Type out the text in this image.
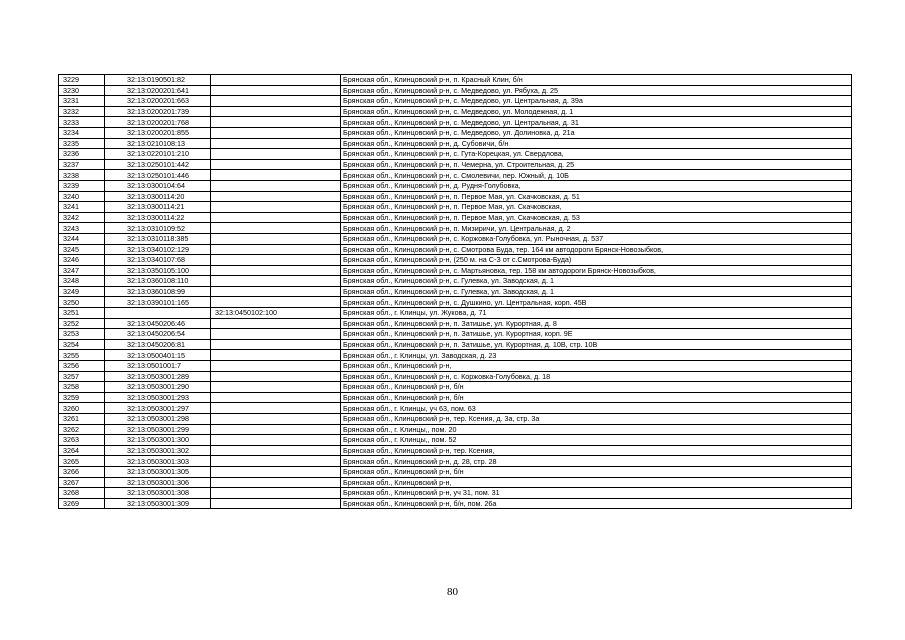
3229	32:13:0190501:82		Брянская обл., Клинцовский р-н, п. Красный Клин, б/н
3230	32:13:0200201:641		Брянская обл., Клинцовский р-н, с. Медведово, ул. Рябуха, д. 25
3231	32:13:0200201:663		Брянская обл., Клинцовский р-н, с. Медведово, ул. Центральная, д. 39а
3232	32:13:0200201:739		Брянская обл., Клинцовский р-н, с. Медведово, ул. Молодежная, д. 1
3233	32:13:0200201:768		Брянская обл., Клинцовский р-н, с. Медведово, ул. Центральная, д. 31
3234	32:13:0200201:855		Брянская обл., Клинцовский р-н, с. Медведово, ул. Долиновка, д. 21а
3235	32:13:0210108:13		Брянская обл., Клинцовский р-н, д. Субовичи, б/н
3236	32:13:0220101:210		Брянская обл., Клинцовский р-н, с. Гута-Корецкая, ул. Свердлова,
3237	32:13:0250101:442		Брянская обл., Клинцовский р-н, п. Чемерна, ул. Строительная, д. 25
3238	32:13:0250101:446		Брянская обл., Клинцовский р-н, с. Смолевичи, пер. Южный, д. 10Б
3239	32:13:0300104:64		Брянская обл., Клинцовский р-н, д. Рудня-Голубовка,
3240	32:13:0300114:20		Брянская обл., Клинцовский р-н, п. Первое Мая, ул. Скачковская, д. 51
3241	32:13:0300114:21		Брянская обл., Клинцовский р-н, п. Первое Мая, ул. Скачковская,
3242	32:13:0300114:22		Брянская обл., Клинцовский р-н, п. Первое Мая, ул. Скачковская, д. 53
3243	32:13:0310109:52		Брянская обл., Клинцовский р-н, п. Мизиричи, ул. Центральная, д. 2
3244	32:13:0310118:385		Брянская обл., Клинцовский р-н, с. Коржовка-Голубовка, ул. Рыночная, д. 537
3245	32:13:0340102:129		Брянская обл., Клинцовский р-н, с. Смотрова Буда, тер. 164 км автодороги Брянск-Новозыбков,
3246	32:13:0340107:68		Брянская обл., Клинцовский р-н, (250 м. на С-З от с.Смотрова-Буда)
3247	32:13:0350105:100		Брянская обл., Клинцовский р-н, с. Мартьяновка, тер. 158 км автодороги Брянск-Новозыбков,
3248	32:13:0360108:110		Брянская обл., Клинцовский р-н, с. Гулевка, ул. Заводская, д. 1
3249	32:13:0360108:99		Брянская обл., Клинцовский р-н, с. Гулевка, ул. Заводская, д. 1
3250	32:13:0390101:165		Брянская обл., Клинцовский р-н, с. Душкино, ул. Центральная, корп. 45В
3251		32:13:0450102:100	Брянская обл., г. Клинцы, ул. Жукова, д. 71
3252	32:13:0450206:46		Брянская обл., Клинцовский р-н, п. Затишье, ул. Курортная, д. 8
3253	32:13:0450206:54		Брянская обл., Клинцовский р-н, п. Затишье, ул. Курортная, корп. 9Е
3254	32:13:0450206:81		Брянская обл., Клинцовский р-н, п. Затишье, ул. Курортная, д. 10В, стр. 10В
3255	32:13:0500401:15		Брянская обл., г. Клинцы, ул. Заводская, д. 23
3256	32:13:0501001:7		Брянская обл., Клинцовский р-н,
3257	32:13:0503001:289		Брянская обл., Клинцовский р-н, с. Коржовка-Голубовка, д. 18
3258	32:13:0503001:290		Брянская обл., Клинцовский р-н, б/н
3259	32:13:0503001:293		Брянская обл., Клинцовский р-н, б/н
3260	32:13:0503001:297		Брянская обл., г. Клинцы, уч 63, пом. 63
3261	32:13:0503001:298		Брянская обл., Клинцовский р-н, тер. Ксения, д. 3а, стр. 3а
3262	32:13:0503001:299		Брянская обл., г. Клинцы,, пом. 20
3263	32:13:0503001:300		Брянская обл., г. Клинцы,, пом. 52
3264	32:13:0503001:302		Брянская обл., Клинцовский р-н, тер. Ксения,
3265	32:13:0503001:303		Брянская обл., Клинцовский р-н, д. 28, стр. 28
3266	32:13:0503001:305		Брянская обл., Клинцовский р-н, б/н
3267	32:13:0503001:306		Брянская обл., Клинцовский р-н,
3268	32:13:0503001:308		Брянская обл., Клинцовский р-н, уч 31, пом. 31
3269	32:13:0503001:309		Брянская обл., Клинцовский р-н, б/н, пом. 26а
80
